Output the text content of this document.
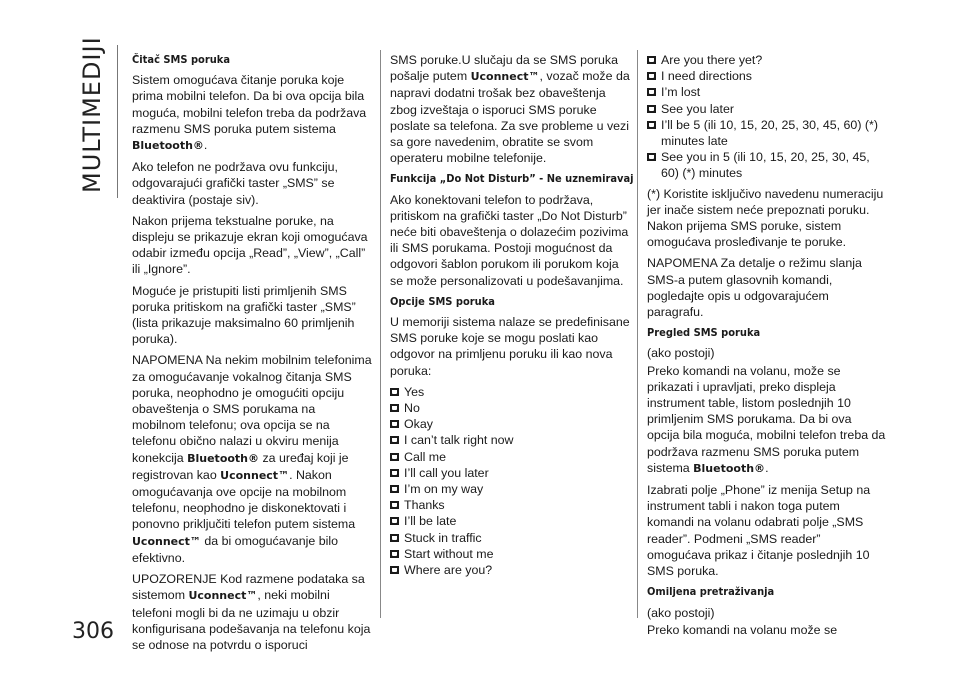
MULTIMEDIJI
306
Čitač SMS poruka

Sistem omogućava čitanje poruka koje prima mobilni telefon. Da bi ova opcija bila moguća, mobilni telefon treba da podržava razmenu SMS poruka putem sistema Bluetooth®.

Ako telefon ne podržava ovu funkciju, odgovarajući grafički taster „SMS” se deaktivira (postaje siv).

Nakon prijema tekstualne poruke, na displeju se prikazuje ekran koji omogućava odabir između opcija „Read”, „View”, „Call” ili „Ignore”.

Moguće je pristupiti listi primljenih SMS poruka pritiskom na grafički taster „SMS” (lista prikazuje maksimalno 60 primljenih poruka).

NAPOMENA Na nekim mobilnim telefonima za omogućavanje vokalnog čitanja SMS poruka, neophodno je omogućiti opciju obaveštenja o SMS porukama na mobilnom telefonu; ova opcija se na telefonu obično nalazi u okviru menija konekcija Bluetooth® za uređaj koji je registrovan kao Uconnect™. Nakon omogućavanja ove opcije na mobilnom telefonu, neophodno je diskonektovati i ponovno priključiti telefon putem sistema Uconnect™ da bi omogućavanje bilo efektivno.

UPOZORENJE Kod razmene podataka sa sistemom Uconnect™, neki mobilni telefoni mogli bi da ne uzimaju u obzir konfigurisana podešavanja na telefonu koja se odnose na potvrdu o isporuci

SMS poruke.U slučaju da se SMS poruka pošalje putem Uconnect™, vozač može da napravi dodatni trošak bez obaveštenja zbog izveštaja o isporuci SMS poruke poslate sa telefona. Za sve probleme u vezi sa gore navedenim, obratite se svom operateru mobilne telefonije.

Funkcija „Do Not Disturb” - Ne uznemiravaj

Ako konektovani telefon to podržava, pritiskom na grafički taster „Do Not Disturb” neće biti obaveštenja o dolazećim pozivima ili SMS porukama. Postoji mogućnost da odgovori šablon porukom ili porukom koja se može personalizovati u podešavanjima.

Opcije SMS poruka

U memoriji sistema nalaze se predefinisane SMS poruke koje se mogu poslati kao odgovor na primljenu poruku ili kao nova poruka:

Yes
No
Okay
I can’t talk right now
Call me
I’ll call you later
I’m on my way
Thanks
I’ll be late
Stuck in traffic
Start without me
Where are you?
Are you there yet?
I need directions
I’m lost
See you later
I’ll be 5 (ili 10, 15, 20, 25, 30, 45, 60) (*) minutes late
See you in 5 (ili 10, 15, 20, 25, 30, 45, 60) (*) minutes

(*) Koristite isključivo navedenu numeraciju jer inače sistem neće prepoznati poruku. Nakon prijema SMS poruke, sistem omogućava prosleđivanje te poruke.

NAPOMENA Za detalje o režimu slanja SMS-a putem glasovnih komandi, pogledajte opis u odgovarajućem paragrafu.

Pregled SMS poruka

(ako postoji)

Preko komandi na volanu, može se prikazati i upravljati, preko displeja instrument table, listom poslednjih 10 primljenim SMS porukama. Da bi ova opcija bila moguća, mobilni telefon treba da podržava razmenu SMS poruka putem sistema Bluetooth®.

Izabrati polje „Phone” iz menija Setup na instrument tabli i nakon toga putem komandi na volanu odabrati polje „SMS reader”. Podmeni „SMS reader” omogućava prikaz i čitanje poslednjih 10 SMS poruka.

Omiljena pretraživanja

(ako postoji)

Preko komandi na volanu može se
